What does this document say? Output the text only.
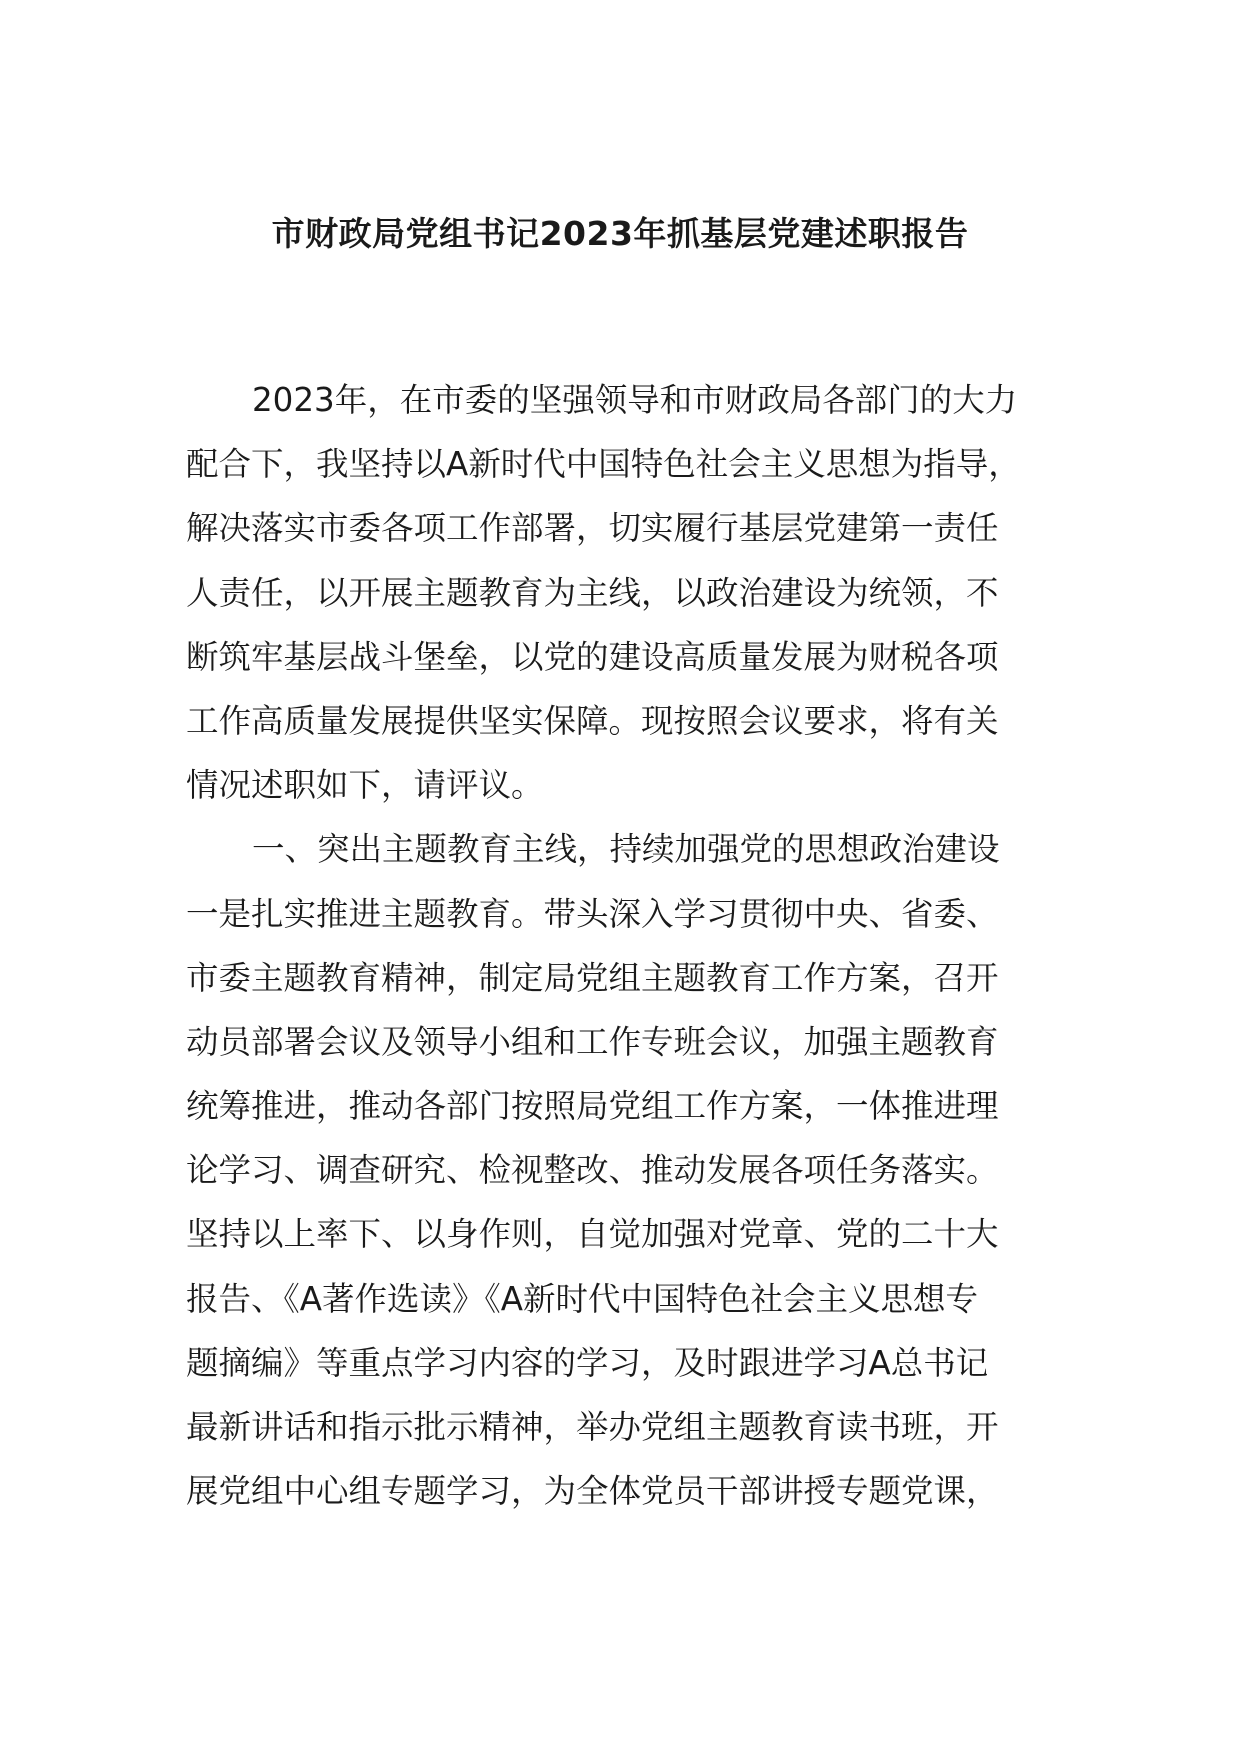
市财政局党组书记2023年抓基层党建述职报告
2023年，在市委的坚强领导和市财政局各部门的大力
配合下，我坚持以A新时代中国特色社会主义思想为指导，
解决落实市委各项工作部署，切实履行基层党建第一责任
人责任，以开展主题教育为主线，以政治建设为统领，不
断筑牢基层战斗堡垒，以党的建设高质量发展为财税各项
工作高质量发展提供坚实保障。现按照会议要求，将有关
情况述职如下，请评议。
一、突出主题教育主线，持续加强党的思想政治建设
一是扎实推进主题教育。带头深入学习贯彻中央、省委、
市委主题教育精神，制定局党组主题教育工作方案，召开
动员部署会议及领导小组和工作专班会议，加强主题教育
统筹推进，推动各部门按照局党组工作方案，一体推进理
论学习、调查研究、检视整改、推动发展各项任务落实。
坚持以上率下、以身作则，自觉加强对党章、党的二十大
报告、《A著作选读》《A新时代中国特色社会主义思想专
题摘编》等重点学习内容的学习，及时跟进学习A总书记
最新讲话和指示批示精神，举办党组主题教育读书班，开
展党组中心组专题学习，为全体党员干部讲授专题党课，
